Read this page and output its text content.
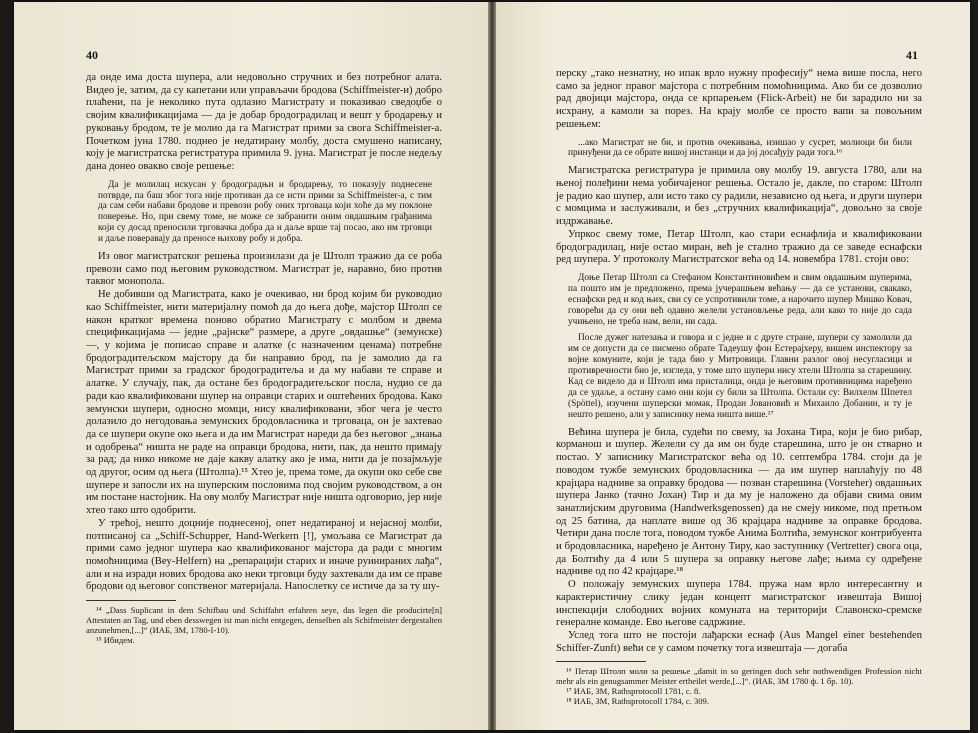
40

да онде има доста шупера, али недовољно стручних и без потребног алата. Видео је, затим, да су капетани или управљачи бродова (Schiffmeister-и) добро плаћени, па је неколико пута одлазио Магистрату и показивао сведоџбе о својим квалификацијама — да је добар бродоградилац и вешт у бродарењу и руковању бродом, те је молио да га Магистрат прими за свога Schiffmeister-а. Почетком јуна 1780. поднео је недатирану молбу, доста смушено написану, коју је магистратска регистратура примила 9. јуна. Магистрат је после недељу дана донео овакво своје решење:

Да је молилац искусан у бродоградњи и бродарењу, то показују поднесене потврде, па баш због тога није противан да се исти прими за Schiffmeister-а, с тим да сам себи набави бродове и превози робу оних трговаца који хоће да му поклоне поверење. Но, при свему томе, не може се забранити оним овдашњим грађанима који су досад преносили трговачка добра да и даље врше тај посао, ако им трговци и даље поверавају да преносе њихову робу и добра.

Из овог магистратског решења произилази да је Штолп тражио да се роба превози само под његовим руководством. Магистрат је, наравно, био против таквог монопола.

Не добивши од Магистрата, како је очекивао, ни брод којим би руководио као Schiffmeister, нити материјалну помоћ да до њега дође, мајстор Штолп се након кратког времена поново обратио Магистрату с молбом и двема спецификацијама — једне „рајнске“ размере, а друге „овдашње“ (земунске) —, у којима је пописао справе и алатке (с назначеним ценама) потребне бродоградитељском мајстору да би направио брод, па је замолио да га Магистрат прими за градског бродоградитеља и да му набави те справе и алатке. У случају, пак, да остане без бродоградитељског посла, нудио се да ради као квалификовани шупер на оправци старих и оштећених бродова. Како земунски шупери, односно момци, нису квалификовани, због чега је често долазило до негодовања земунских бродовласника и трговаца, он је захтевао да се шупери окупе око њега и да им Магистрат нареди да без његовог „знања и одобрења“ ништа не раде на оправци бродова, нити, пак, да нешто примају за рад; да нико никоме не даје какву алатку ако је има, нити да је позајмљује од другог, осим од њега (Штолпа).¹⁵ Хтео је, према томе, да окупи око себе све шупере и запосли их на шуперским пословима под својим руководством, а он им постане настојник. На ову молбу Магистрат није ништа одговорио, јер није хтео тако што одобрити.

У трећој, нешто доцније поднесеној, опет недатираној и нејасној молби, потписаној са „Schiff-Schupper, Hand-Werkern [!], умољава се Магистрат да прими само једног шупера као квалификованог мајстора да ради с многим помоћницима (Bey-Helfern) на „репарацији старих и иначе руинираних лађа“, али и на изради нових бродова ако неки трговци буду захтевали да им се праве бродови од његовог сопственог материјала. Напослетку се истиче да за ту шу-

¹⁴ „Dass Suplicant in dem Schifbau und Schiffahrt erfahren seye, das legen die producirte[n] Attestaten an Tag, und eben desswegen ist man nicht entgegen, denselben als Schifmeister dergestalten anzunehmen,[...]“ (ИАБ, ЗМ, 1780-I-10).

¹⁵ Ибидем.

41

перску „тако незнатну, но ипак врло нужну професију“ нема више посла, него само за једног правог мајстора с потребним помоћницима. Ако би се дозволио рад двојици мајстора, онда се крпарењем (Flick-Arbeit) не би зарадило ни за исхрану, а камоли за порез. На крају молбе се просто вапи за повољним решењем:

...ако Магистрат не би, и против очекивања, изишао у сусрет, молиоци би били принуђени да се обрате вишој инстанци и да јој досађују ради тога.¹⁶

Магистратска регистратура је примила ову молбу 19. августа 1780, али на њеној полеђини нема уобичајеног решења. Остало је, дакле, по старом: Штолп је радио као шупер, али исто тако су радили, независно од њега, и други шупери с момцима и заслуживали, и без „стручних квалификација“, довољно за своје издржавање.

Упркос свему томе, Петар Штолп, као стари еснафлија и квалификовани бродоградилац, није остао миран, већ је стално тражио да се заведе еснафски ред шупера. У протоколу Магистратског већа од 14. новембра 1781. стоји ово:

Доње Петар Штолп са Стефаном Константиновићем и свим овдашњим шуперима, па пошто им је предложено, према јучерашњем већању — да се установи, свакако, еснафски ред и код њих, сви су се успротивили томе, а нарочито шупер Мишко Ковач, говорећи да су они већ одавно желели установљење реда, али како то није до сада учињено, не треба нам, вели, ни сада.

После дужег натезања и говора и с једне и с друге стране, шупери су замолили да им се допусти да се писмено обрате Тадеушу фон Естерајхеру, вишем инспектору за војне комуните, који је тада био у Митровици. Главни разлог овој несугласици и противречности био је, изгледа, у томе што шупери нису хтели Штолпа за старешину. Кад се видело да и Штолп има присталица, онда је његовим противницима наређено да се удаље, а остану само они који су били за Штолпа. Остали су: Вилхелм Шпетел (Spöttel), изучени шуперски момак, Продан Јовановић и Михаило Добанин, и ту је нешто решено, али у записнику нема ништа више.¹⁷

Већина шупера је била, судећи по свему, за Јохана Тира, који је био рибар, корманош и шупер. Желели су да им он буде старешина, што је он стварно и постао. У записнику Магистратског већа од 10. септембра 1784. стоји да је поводом тужбе земунских бродовласника — да им шупер наплаћују по 48 крајцара надниве за оправку бродова — позван старешина (Vorsteher) овдашњих шупера Јанко (тачно Јохан) Тир и да му је наложено да објави свима овим занатлијским друговима (Handwerksgenossen) да не смеју никоме, под претњом од 25 батина, да наплате више од 36 крајцара надниве за оправке бродова. Четири дана после тога, поводом тужбе Анима Болтића, земунског контрибуента и бродовласника, наређено је Антону Тиру, као заступнику (Vertretter) свога оца, да Болтићу да 4 или 5 шупера за оправку његове лађе; њима су одређене надниве од по 42 крајцаре.¹⁸

О положају земунских шупера 1784. пружа нам врло интересантну и карактеристичну слику један концепт магистратског извештаја Вишој инспекцији слободних војних комуната на територији Славонско-сремске генералне команде. Ево његове садржине.

Услед тога што не постоји лађарски еснаф (Aus Mangel einer bestehenden Schiffer-Zunft) већи се у самом почетку тога извештаја — догаба

¹⁶ Петар Штолп моли за решење „damit in so geringen doch sehr nothwendigen Profession nicht mehr als ein genugsammer Meister ertheilet werde,[...]“. (ИАБ, ЗМ 1780 ф. 1 бр. 10).

¹⁷ ИАБ, ЗМ, Rathsprotocoll 1781, с. 8.

¹⁸ ИАБ, ЗМ, Rathsprotocoll 1784, с. 309.
